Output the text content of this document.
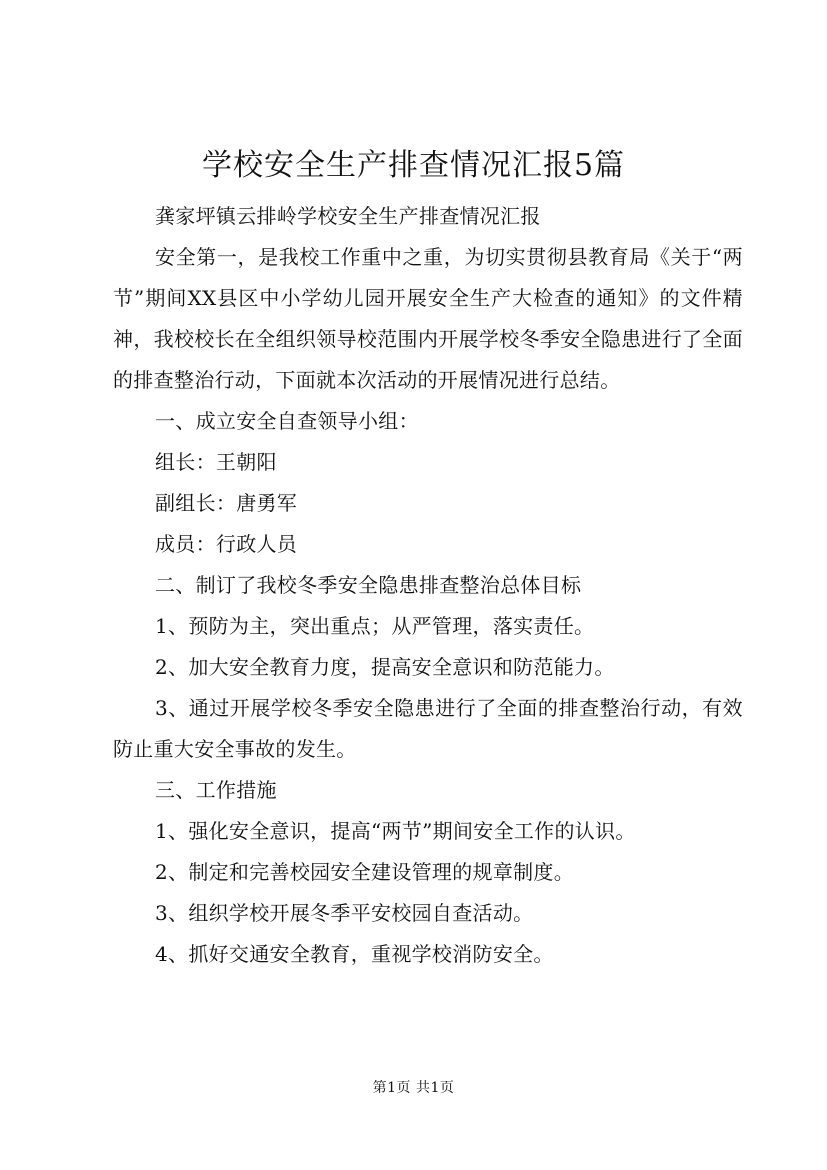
学校安全生产排查情况汇报5篇

龚家坪镇云排岭学校安全生产排查情况汇报

安全第一，是我校工作重中之重，为切实贯彻县教育局《关于“两节”期间XX县区中小学幼儿园开展安全生产大检查的通知》的文件精神，我校校长在全组织领导校范围内开展学校冬季安全隐患进行了全面的排查整治行动，下面就本次活动的开展情况进行总结。

一、成立安全自查领导小组：

组长：王朝阳

副组长：唐勇军

成员：行政人员

二、制订了我校冬季安全隐患排查整治总体目标

1、预防为主，突出重点；从严管理，落实责任。

2、加大安全教育力度，提高安全意识和防范能力。

3、通过开展学校冬季安全隐患进行了全面的排查整治行动，有效防止重大安全事故的发生。

三、工作措施

1、强化安全意识，提高“两节”期间安全工作的认识。

2、制定和完善校园安全建设管理的规章制度。

3、组织学校开展冬季平安校园自查活动。

4、抓好交通安全教育，重视学校消防安全。

第1页 共1页
